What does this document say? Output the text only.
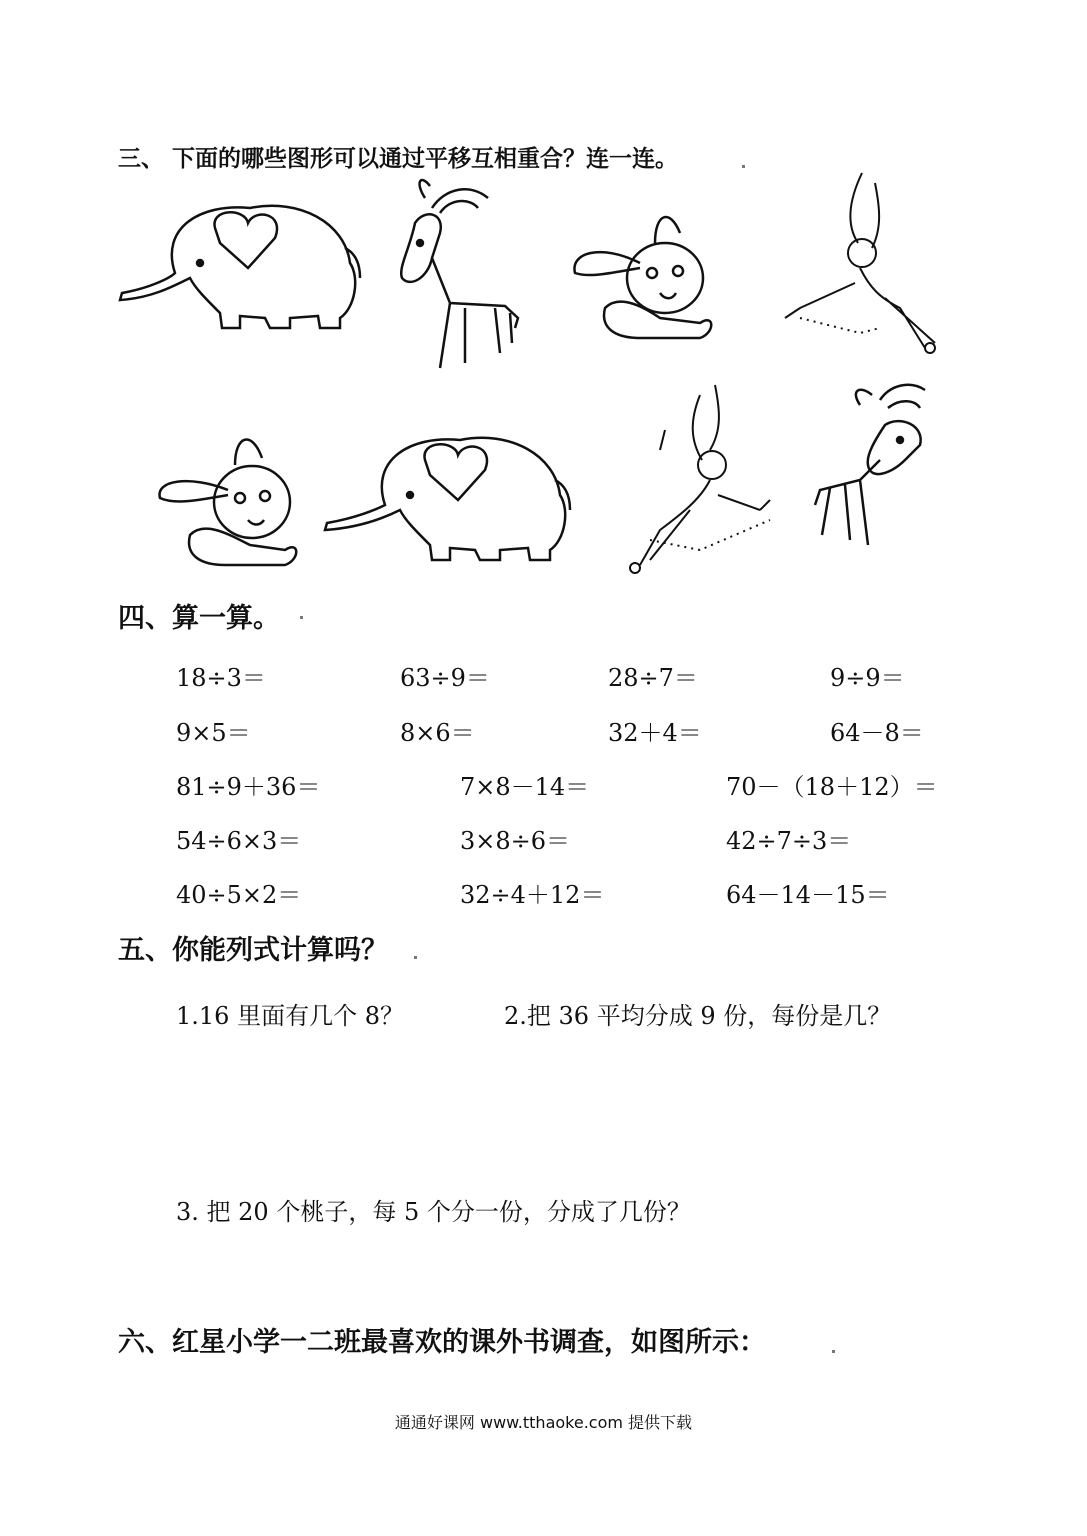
三、 下面的哪些图形可以通过平移互相重合？连一连。
四、算一算。
18÷3＝	63÷9＝	28÷7＝	9÷9＝
9×5＝	8×6＝	32＋4＝	64－8＝
81÷9＋36＝	7×8－14＝	70－（18＋12）＝
54÷6×3＝	3×8÷6＝	42÷7÷3＝
40÷5×2＝	32÷4＋12＝	64－14－15＝
五、你能列式计算吗？
1.16 里面有几个 8？	2.把 36 平均分成 9 份，每份是几？
3. 把 20 个桃子，每 5 个分一份，分成了几份？
六、红星小学一二班最喜欢的课外书调查，如图所示：
通通好课网 www.tthaoke.com 提供下载
